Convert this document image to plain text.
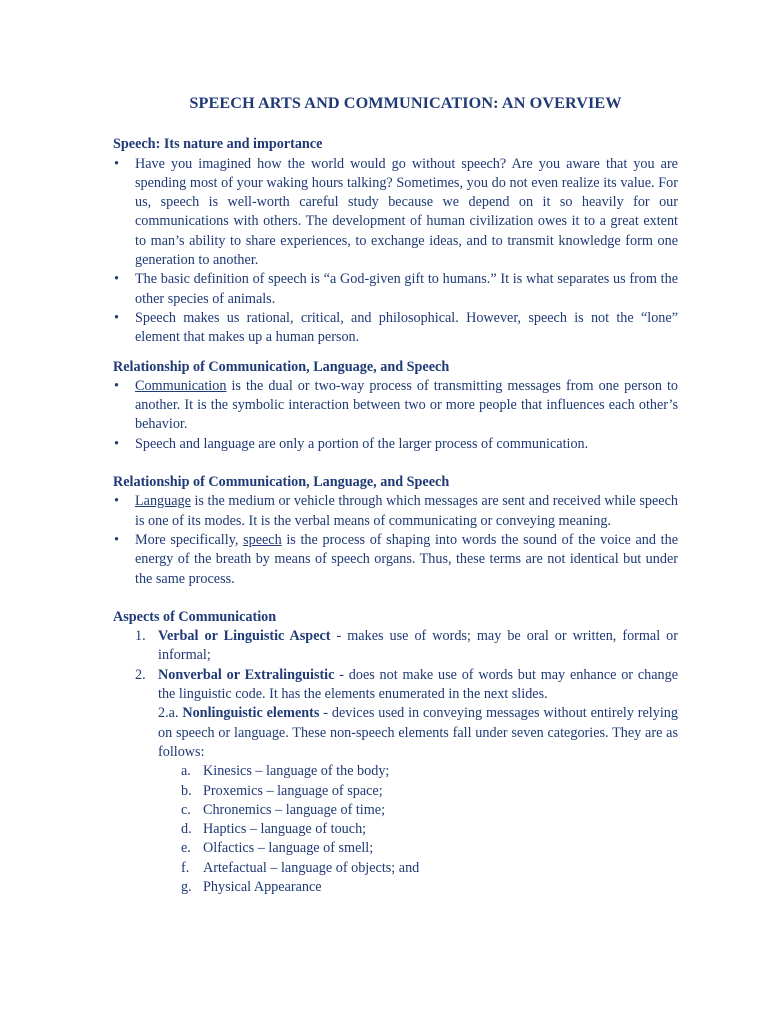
SPEECH ARTS AND COMMUNICATION: AN OVERVIEW

Speech: Its nature and importance

• Have you imagined how the world would go without speech? Are you aware that you are spending most of your waking hours talking? Sometimes, you do not even realize its value. For us, speech is well-worth careful study because we depend on it so heavily for our communications with others. The development of human civilization owes it to a great extent to man’s ability to share experiences, to exchange ideas, and to transmit knowledge form one generation to another.
• The basic definition of speech is “a God-given gift to humans.” It is what separates us from the other species of animals.
• Speech makes us rational, critical, and philosophical. However, speech is not the “lone” element that makes up a human person.

Relationship of Communication, Language, and Speech

• Communication is the dual or two-way process of transmitting messages from one person to another. It is the symbolic interaction between two or more people that influences each other’s behavior.
• Speech and language are only a portion of the larger process of communication.

Relationship of Communication, Language, and Speech

• Language is the medium or vehicle through which messages are sent and received while speech is one of its modes. It is the verbal means of communicating or conveying meaning.
• More specifically, speech is the process of shaping into words the sound of the voice and the energy of the breath by means of speech organs. Thus, these terms are not identical but under the same process.

Aspects of Communication

1. Verbal or Linguistic Aspect - makes use of words; may be oral or written, formal or informal;
2. Nonverbal or Extralinguistic - does not make use of words but may enhance or change the linguistic code. It has the elements enumerated in the next slides.
2.a. Nonlinguistic elements - devices used in conveying messages without entirely relying on speech or language. These non-speech elements fall under seven categories. They are as follows:
a. Kinesics – language of the body;
b. Proxemics – language of space;
c. Chronemics – language of time;
d. Haptics – language of touch;
e. Olfactics – language of smell;
f. Artefactual – language of objects; and
g. Physical Appearance
